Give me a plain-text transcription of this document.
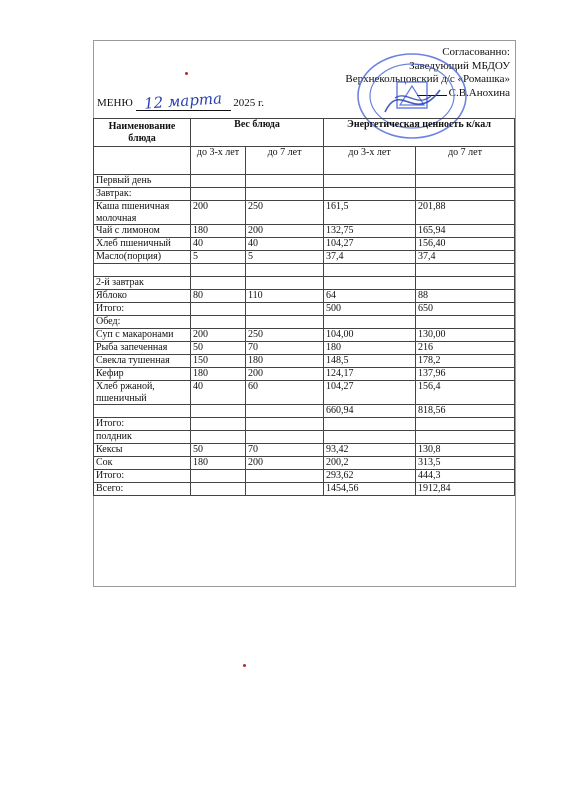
Согласованно:
Заведующий МБДОУ
Верхнекольцовский д/с «Ромашка»
С.В.Анохина
МЕНЮ 12 марта 2025 г.
Наименование блюда	Вес блюда		Энергетическая ценность к/кал	
	до 3-х лет	до 7 лет	до 3-х лет	до 7 лет
Первый день				
Завтрак:				
Каша пшеничная молочная	200	250	161,5	201,88
Чай с лимоном	180	200	132,75	165,94
Хлеб пшеничный	40	40	104,27	156,40
Масло(порция)	5	5	37,4	37,4

2-й завтрак				
Яблоко	80	110	64	88
Итого:			500	650
Обед:				
Суп с макаронами	200	250	104,00	130,00
Рыба запеченная	50	70	180	216
Свекла тушенная	150	180	148,5	178,2
Кефир	180	200	124,17	137,96
Хлеб ржаной, пшеничный	40	60	104,27	156,4
			660,94	818,56
Итого:				
полдник				
Кексы	50	70	93,42	130,8
Сок	180	200	200,2	313,5
Итого:			293,62	444,3
Всего:			1454,56	1912,84
